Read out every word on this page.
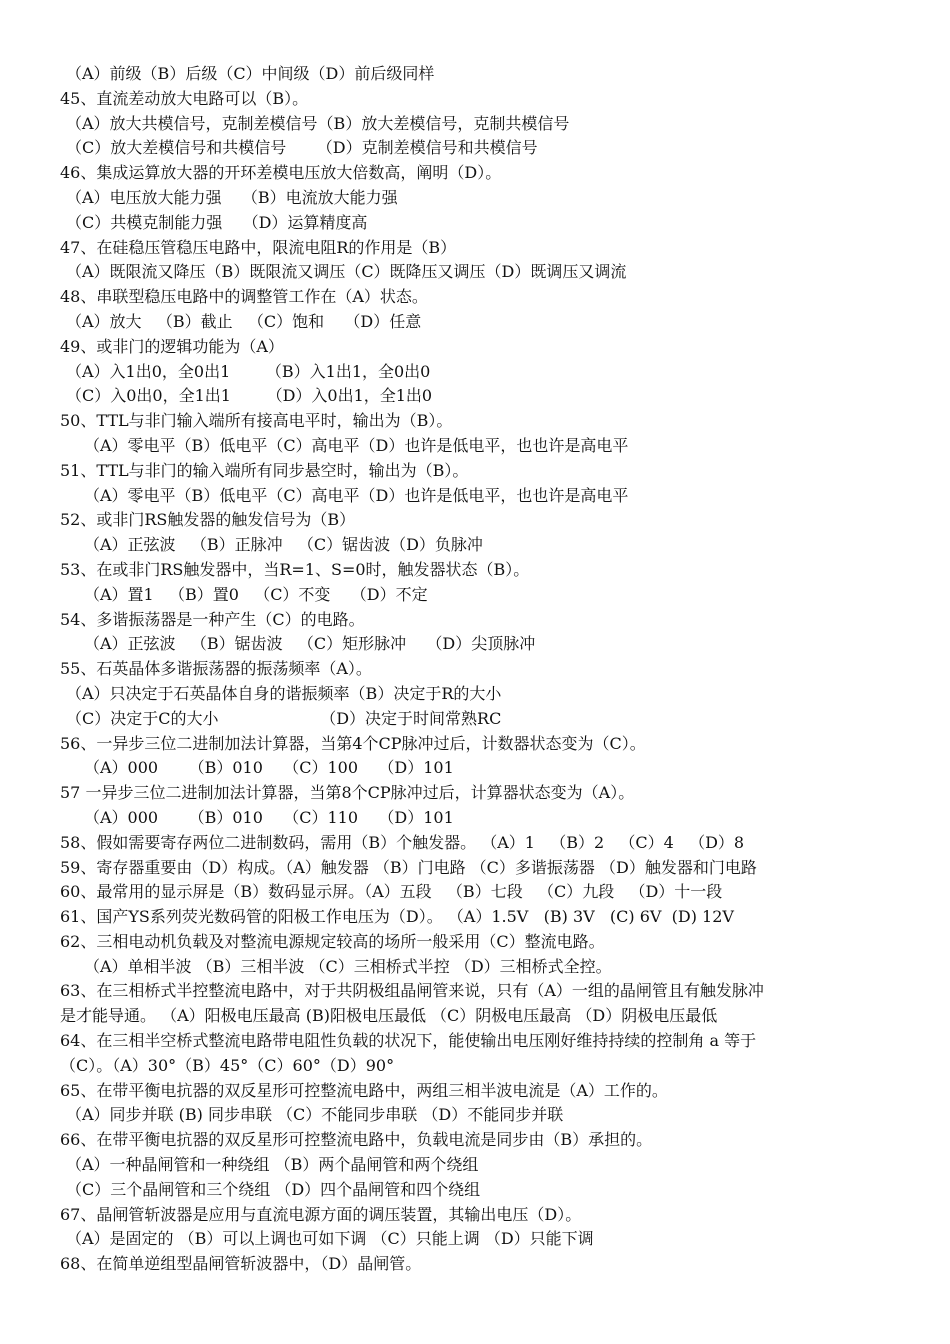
（A）前级（B）后级（C）中间级（D）前后级同样
45、直流差动放大电路可以（B）。
（A）放大共模信号，克制差模信号（B）放大差模信号，克制共模信号
（C）放大差模信号和共模信号      （D）克制差模信号和共模信号
46、集成运算放大器的开环差模电压放大倍数高，阐明（D）。
（A）电压放大能力强    （B）电流放大能力强
（C）共模克制能力强    （D）运算精度高
47、在硅稳压管稳压电路中，限流电阻R的作用是（B）
（A）既限流又降压（B）既限流又调压（C）既降压又调压（D）既调压又调流
48、串联型稳压电路中的调整管工作在（A）状态。
（A）放大   （B）截止   （C）饱和    （D）任意
49、或非门的逻辑功能为（A）
（A）入1出0，全0出1       （B）入1出1，全0出0
（C）入0出0，全1出1       （D）入0出1，全1出0
50、TTL与非门输入端所有接高电平时，输出为（B）。
（A）零电平（B）低电平（C）高电平（D）也许是低电平，也也许是高电平
51、TTL与非门的输入端所有同步悬空时，输出为（B）。
（A）零电平（B）低电平（C）高电平（D）也许是低电平，也也许是高电平
52、或非门RS触发器的触发信号为（B）
（A）正弦波   （B）正脉冲   （C）锯齿波（D）负脉冲
53、在或非门RS触发器中，当R=1、S=0时，触发器状态（B）。
（A）置1   （B）置0   （C）不变    （D）不定
54、多谐振荡器是一种产生（C）的电路。
（A）正弦波   （B）锯齿波   （C）矩形脉冲    （D）尖顶脉冲
55、石英晶体多谐振荡器的振荡频率（A）。
（A）只决定于石英晶体自身的谐振频率（B）决定于R的大小
（C）决定于C的大小                    （D）决定于时间常熟RC
56、一异步三位二进制加法计算器，当第4个CP脉冲过后，计数器状态变为（C）。
（A）000      （B）010    （C）100    （D）101
57 一异步三位二进制加法计算器，当第8个CP脉冲过后，计算器状态变为（A）。
（A）000      （B）010    （C）110    （D）101
58、假如需要寄存两位二进制数码，需用（B）个触发器。 （A）1   （B）2   （C）4   （D）8
59、寄存器重要由（D）构成。（A）触发器 （B）门电路 （C）多谐振荡器 （D）触发器和门电路
60、最常用的显示屏是（B）数码显示屏。（A）五段   （B）七段   （C）九段   （D）十一段
61、国产YS系列荧光数码管的阳极工作电压为（D）。 （A）1.5V   (B) 3V   (C) 6V  (D) 12V
62、三相电动机负载及对整流电源规定较高的场所一般采用（C）整流电路。
（A）单相半波 （B）三相半波 （C）三相桥式半控 （D）三相桥式全控。
63、在三相桥式半控整流电路中，对于共阴极组晶闸管来说，只有（A）一组的晶闸管且有触发脉冲
是才能导通。 （A）阳极电压最高 (B)阳极电压最低 （C）阴极电压最高 （D）阴极电压最低
64、在三相半空桥式整流电路带电阻性负载的状况下，能使输出电压刚好维持持续的控制角 a 等于
（C）。（A）30°（B）45°（C）60°（D）90°
65、在带平衡电抗器的双反星形可控整流电路中，两组三相半波电流是（A）工作的。
（A）同步并联 (B) 同步串联 （C）不能同步串联 （D）不能同步并联
66、在带平衡电抗器的双反星形可控整流电路中，负载电流是同步由（B）承担的。
（A）一种晶闸管和一种绕组 （B）两个晶闸管和两个绕组
（C）三个晶闸管和三个绕组 （D）四个晶闸管和四个绕组
67、晶闸管斩波器是应用与直流电源方面的调压装置，其输出电压（D）。
（A）是固定的 （B）可以上调也可如下调 （C）只能上调 （D）只能下调
68、在简单逆组型晶闸管斩波器中，（D）晶闸管。
